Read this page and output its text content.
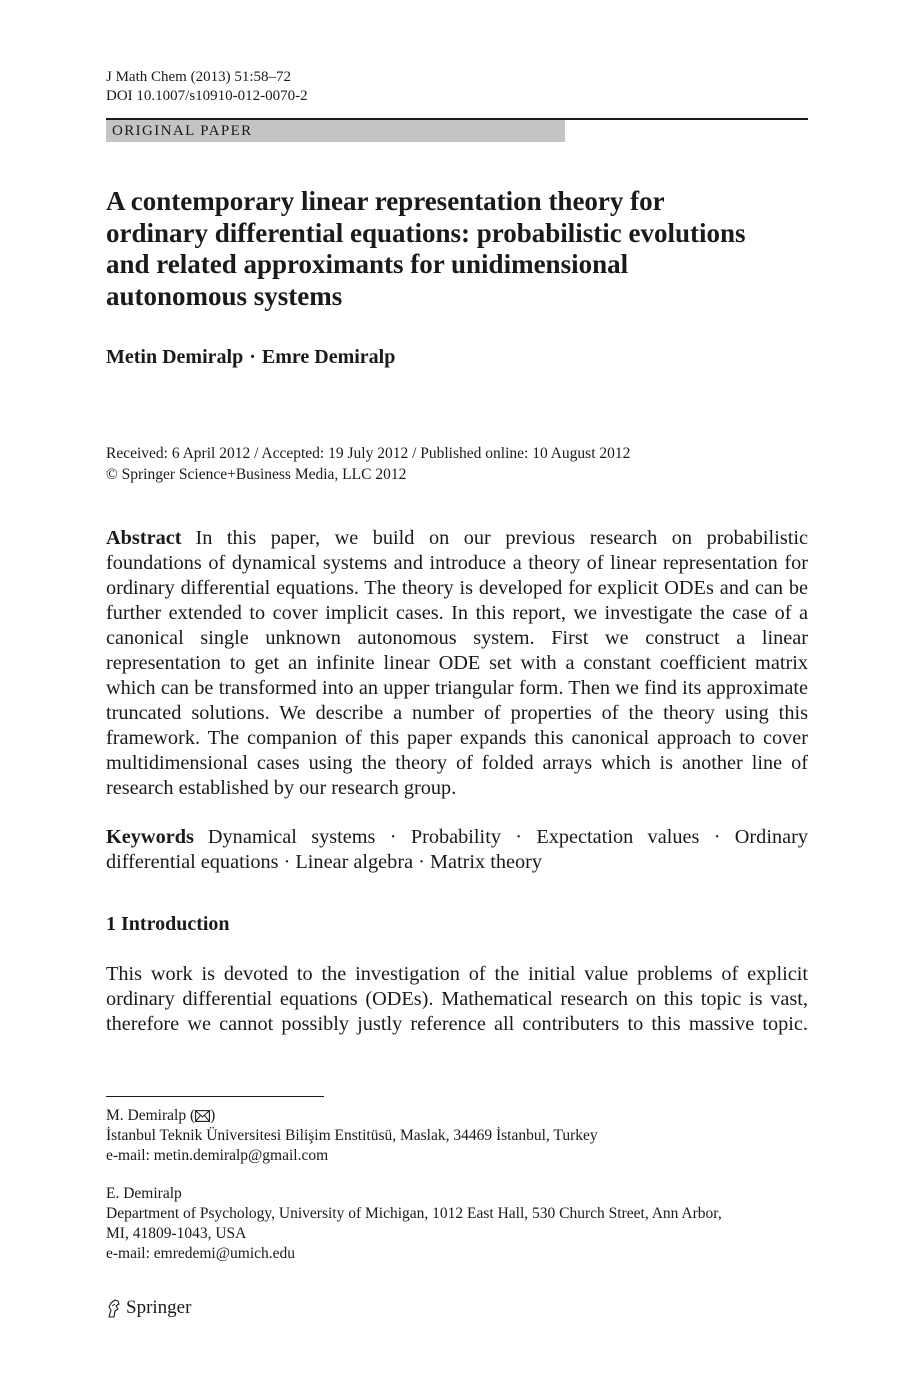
J Math Chem (2013) 51:58–72
DOI 10.1007/s10910-012-0070-2
ORIGINAL PAPER
A contemporary linear representation theory for
ordinary differential equations: probabilistic evolutions
and related approximants for unidimensional
autonomous systems
Metin Demiralp · Emre Demiralp
Received: 6 April 2012 / Accepted: 19 July 2012 / Published online: 10 August 2012
© Springer Science+Business Media, LLC 2012
Abstract In this paper, we build on our previous research on probabilistic foundations of dynamical systems and introduce a theory of linear representation for ordinary differential equations. The theory is developed for explicit ODEs and can be further extended to cover implicit cases. In this report, we investigate the case of a canonical single unknown autonomous system. First we construct a linear representation to get an infinite linear ODE set with a constant coefficient matrix which can be transformed into an upper triangular form. Then we find its approximate truncated solutions. We describe a number of properties of the theory using this framework. The companion of this paper expands this canonical approach to cover multidimensional cases using the theory of folded arrays which is another line of research established by our research group.
Keywords Dynamical systems · Probability · Expectation values · Ordinary differential equations · Linear algebra · Matrix theory
1 Introduction

This work is devoted to the investigation of the initial value problems of explicit ordinary differential equations (ODEs). Mathematical research on this topic is vast, therefore we cannot possibly justly reference all contributers to this massive topic.

M. Demiralp ( )
İstanbul Teknik Üniversitesi Bilişim Enstitüsü, Maslak, 34469 İstanbul, Turkey
e-mail: metin.demiralp@gmail.com
E. Demiralp
Department of Psychology, University of Michigan, 1012 East Hall, 530 Church Street, Ann Arbor,
MI, 41809-1043, USA
e-mail: emredemi@umich.edu
Springer
